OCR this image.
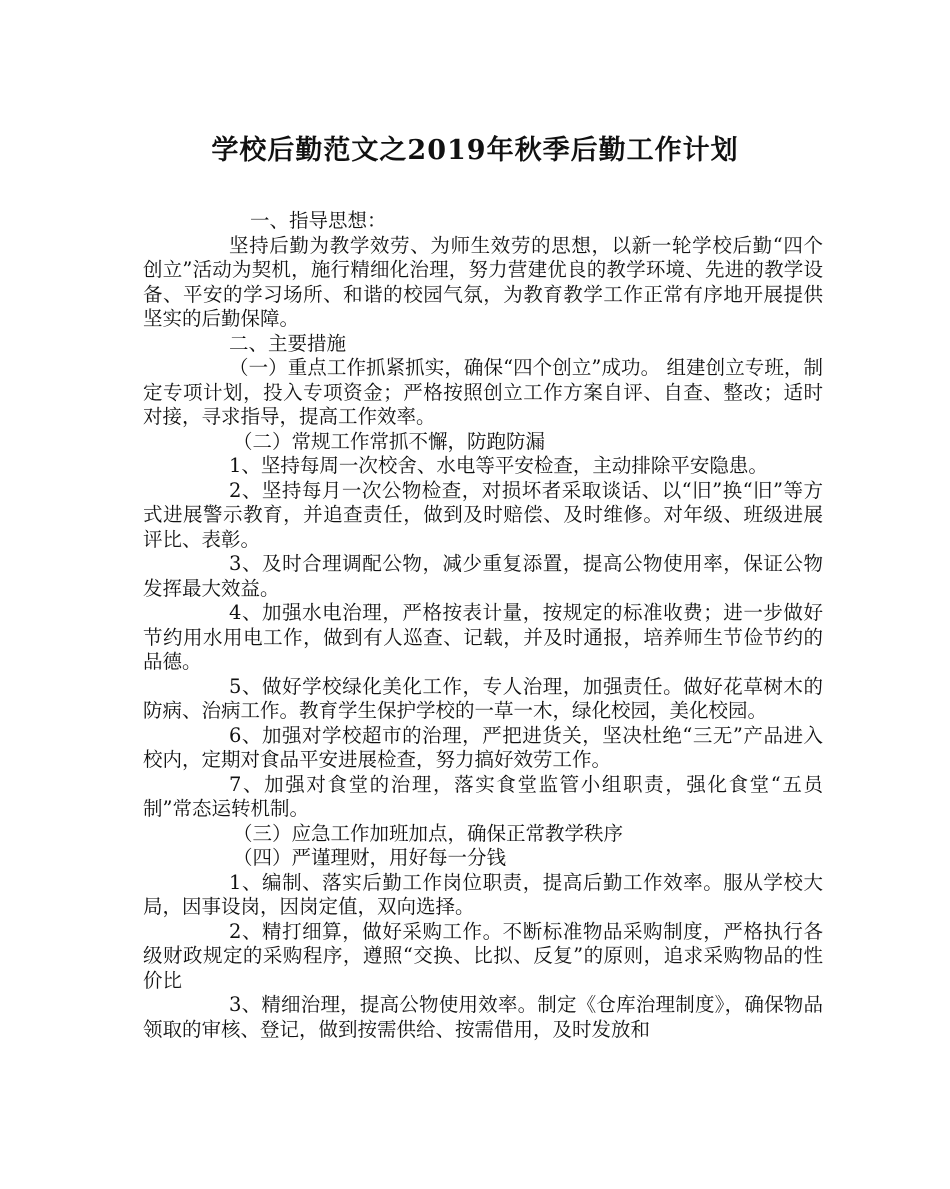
学校后勤范文之2019年秋季后勤工作计划

一、指导思想：

坚持后勤为教学效劳、为师生效劳的思想，以新一轮学校后勤“四个创立”活动为契机，施行精细化治理，努力营建优良的教学环境、先进的教学设备、平安的学习场所、和谐的校园气氛，为教育教学工作正常有序地开展提供坚实的后勤保障。

二、主要措施

（一）重点工作抓紧抓实，确保“四个创立”成功。 组建创立专班，制定专项计划，投入专项资金；严格按照创立工作方案自评、自查、整改；适时对接，寻求指导，提高工作效率。

（二）常规工作常抓不懈，防跑防漏

1、坚持每周一次校舍、水电等平安检查，主动排除平安隐患。

2、坚持每月一次公物检查，对损坏者采取谈话、以“旧”换“旧”等方式进展警示教育，并追查责任，做到及时赔偿、及时维修。对年级、班级进展评比、表彰。

3、及时合理调配公物，减少重复添置，提高公物使用率，保证公物发挥最大效益。

4、加强水电治理，严格按表计量，按规定的标准收费；进一步做好节约用水用电工作，做到有人巡查、记载，并及时通报，培养师生节俭节约的品德。

5、做好学校绿化美化工作，专人治理，加强责任。做好花草树木的防病、治病工作。教育学生保护学校的一草一木，绿化校园，美化校园。

6、加强对学校超市的治理，严把进货关，坚决杜绝“三无”产品进入校内，定期对食品平安进展检查，努力搞好效劳工作。

7、加强对食堂的治理，落实食堂监管小组职责，强化食堂“五员制”常态运转机制。

（三）应急工作加班加点，确保正常教学秩序

（四）严谨理财，用好每一分钱

1、编制、落实后勤工作岗位职责，提高后勤工作效率。服从学校大局，因事设岗，因岗定值，双向选择。

2、精打细算，做好采购工作。不断标准物品采购制度，严格执行各级财政规定的采购程序，遵照“交换、比拟、反复”的原则，追求采购物品的性价比

3、精细治理，提高公物使用效率。制定《仓库治理制度》，确保物品领取的审核、登记，做到按需供给、按需借用，及时发放和
